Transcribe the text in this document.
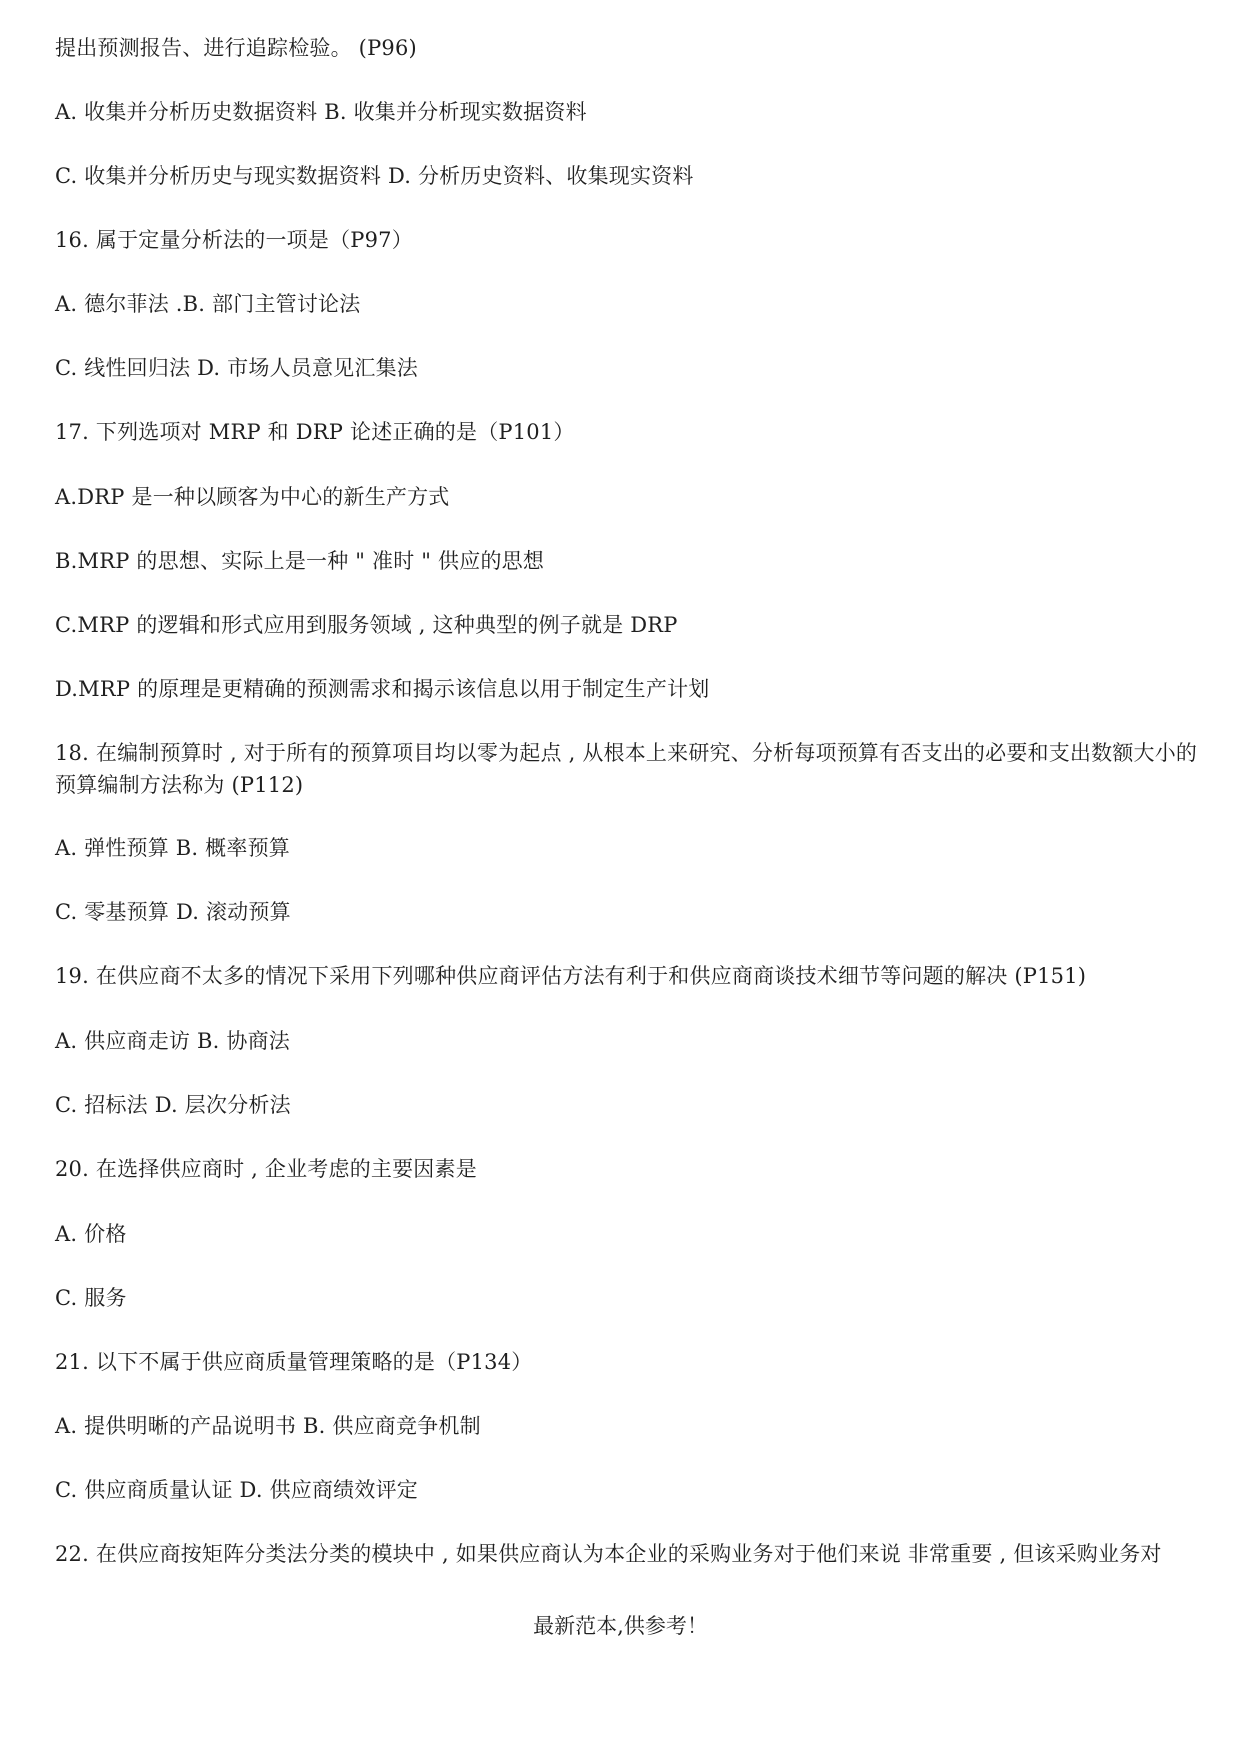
提出预测报告、进行追踪检验。 (P96)
A. 收集并分析历史数据资料 B. 收集并分析现实数据资料
C. 收集并分析历史与现实数据资料 D. 分析历史资料、收集现实资料
16. 属于定量分析法的一项是（P97）
A. 德尔菲法 .B. 部门主管讨论法
C. 线性回归法 D. 市场人员意见汇集法
17. 下列选项对 MRP 和 DRP 论述正确的是（P101）
A.DRP 是一种以顾客为中心的新生产方式
B.MRP 的思想、实际上是一种 " 准时 " 供应的思想
C.MRP 的逻辑和形式应用到服务领域 , 这种典型的例子就是 DRP
D.MRP 的原理是更精确的预测需求和揭示该信息以用于制定生产计划
18. 在编制预算时 , 对于所有的预算项目均以零为起点 , 从根本上来研究、分析每项预算有否支出的必要和支出数额大小的预算编制方法称为 (P112)
A. 弹性预算 B. 概率预算
C. 零基预算 D. 滚动预算
19. 在供应商不太多的情况下采用下列哪种供应商评估方法有利于和供应商商谈技术细节等问题的解决 (P151)
A. 供应商走访 B. 协商法
C. 招标法 D. 层次分析法
20. 在选择供应商时 , 企业考虑的主要因素是
A. 价格
C. 服务
21. 以下不属于供应商质量管理策略的是（P134）
A. 提供明晰的产品说明书 B. 供应商竞争机制
C. 供应商质量认证 D. 供应商绩效评定
22. 在供应商按矩阵分类法分类的模块中 , 如果供应商认为本企业的采购业务对于他们来说 非常重要 , 但该采购业务对
最新范本,供参考！
